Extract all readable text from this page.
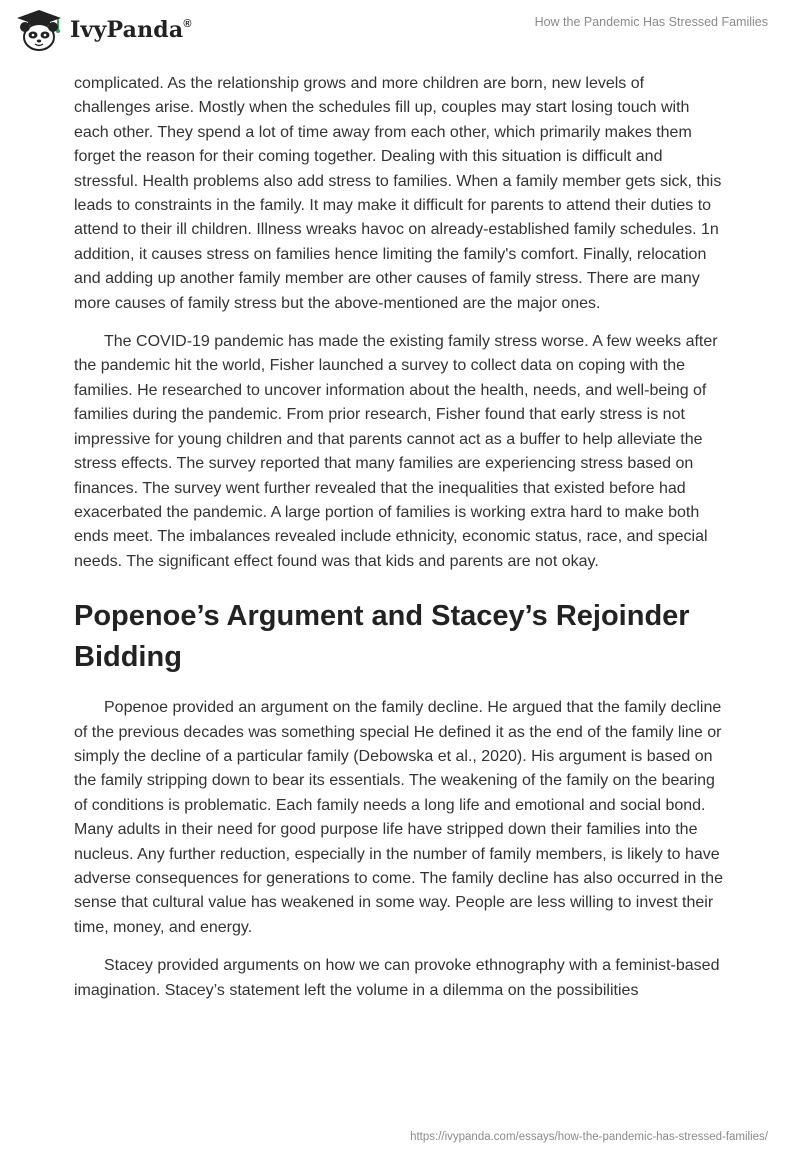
IvyPanda®	How the Pandemic Has Stressed Families

complicated. As the relationship grows and more children are born, new levels of challenges arise. Mostly when the schedules fill up, couples may start losing touch with each other. They spend a lot of time away from each other, which primarily makes them forget the reason for their coming together. Dealing with this situation is difficult and stressful. Health problems also add stress to families. When a family member gets sick, this leads to constraints in the family. It may make it difficult for parents to attend their duties to attend to their ill children. Illness wreaks havoc on already-established family schedules. 1n addition, it causes stress on families hence limiting the family's comfort. Finally, relocation and adding up another family member are other causes of family stress. There are many more causes of family stress but the above-mentioned are the major ones.

The COVID-19 pandemic has made the existing family stress worse. A few weeks after the pandemic hit the world, Fisher launched a survey to collect data on coping with the families. He researched to uncover information about the health, needs, and well-being of families during the pandemic. From prior research, Fisher found that early stress is not impressive for young children and that parents cannot act as a buffer to help alleviate the stress effects. The survey reported that many families are experiencing stress based on finances. The survey went further revealed that the inequalities that existed before had exacerbated the pandemic. A large portion of families is working extra hard to make both ends meet. The imbalances revealed include ethnicity, economic status, race, and special needs. The significant effect found was that kids and parents are not okay.

Popenoe’s Argument and Stacey’s Rejoinder Bidding

Popenoe provided an argument on the family decline. He argued that the family decline of the previous decades was something special He defined it as the end of the family line or simply the decline of a particular family (Debowska et al., 2020). His argument is based on the family stripping down to bear its essentials. The weakening of the family on the bearing of conditions is problematic. Each family needs a long life and emotional and social bond. Many adults in their need for good purpose life have stripped down their families into the nucleus. Any further reduction, especially in the number of family members, is likely to have adverse consequences for generations to come. The family decline has also occurred in the sense that cultural value has weakened in some way. People are less willing to invest their time, money, and energy.

Stacey provided arguments on how we can provoke ethnography with a feminist-based imagination. Stacey’s statement left the volume in a dilemma on the possibilities

https://ivypanda.com/essays/how-the-pandemic-has-stressed-families/
